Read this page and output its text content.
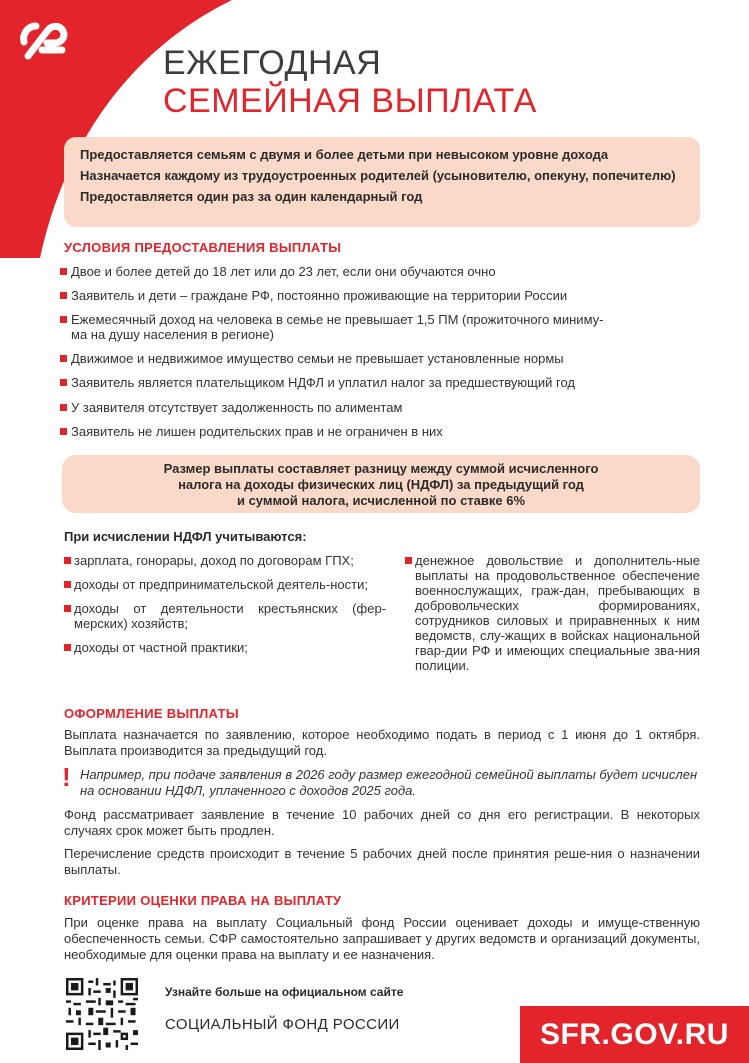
ЕЖЕГОДНАЯ
СЕМЕЙНАЯ ВЫПЛАТА
Предоставляется семьям с двумя и более детьми при невысоком уровне дохода
Назначается каждому из трудоустроенных родителей (усыновителю, опекуну, попечителю)
Предоставляется один раз за один календарный год
УСЛОВИЯ ПРЕДОСТАВЛЕНИЯ ВЫПЛАТЫ
Двое и более детей до 18 лет или до 23 лет, если они обучаются очно
Заявитель и дети – граждане РФ, постоянно проживающие на территории России
Ежемесячный доход на человека в семье не превышает 1,5 ПМ (прожиточного миниму-
ма на душу населения в регионе)
Движимое и недвижимое имущество семьи не превышает установленные нормы
Заявитель является плательщиком НДФЛ и уплатил налог за предшествующий год
У заявителя отсутствует задолженность по алиментам
Заявитель не лишен родительских прав и не ограничен в них
Размер выплаты составляет разницу между суммой исчисленного
налога на доходы физических лиц (НДФЛ) за предыдущий год
и суммой налога, исчисленной по ставке 6%
При исчислении НДФЛ учитываются:
зарплата, гонорары, доход по договорам ГПХ;
доходы от предпринимательской деятель-ности;
доходы от деятельности крестьянских (фер-мерских) хозяйств;
доходы от частной практики;
денежное довольствие и дополнитель-ные выплаты на продовольственное обеспечение военнослужащих, граж-дан, пребывающих в добровольческих формированиях, сотрудников силовых и приравненных к ним ведомств, слу-жащих в войсках национальной гвар-дии РФ и имеющих специальные зва-ния полиции.
ОФОРМЛЕНИЕ ВЫПЛАТЫ
Выплата назначается по заявлению, которое необходимо подать в период с 1 июня до 1 октября. Выплата производится за предыдущий год.
! Например, при подаче заявления в 2026 году размер ежегодной семейной выплаты будет исчислен на основании НДФЛ, уплаченного с доходов 2025 года.
Фонд рассматривает заявление в течение 10 рабочих дней со дня его регистрации. В некоторых случаях срок может быть продлен.
Перечисление средств происходит в течение 5 рабочих дней после принятия реше-ния о назначении выплаты.
КРИТЕРИИ ОЦЕНКИ ПРАВА НА ВЫПЛАТУ
При оценке права на выплату Социальный фонд России оценивает доходы и имуще-ственную обеспеченность семьи. СФР самостоятельно запрашивает у других ведомств и организаций документы, необходимые для оценки права на выплату и ее назначения.
Узнайте больше на официальном сайте
СОЦИАЛЬНЫЙ ФОНД РОССИИ	SFR.GOV.RU
